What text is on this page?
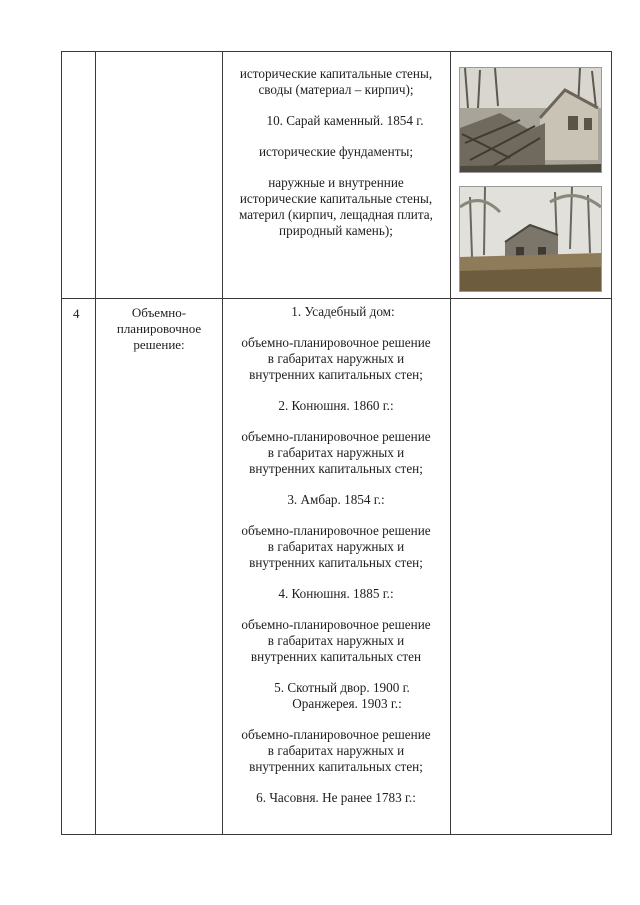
исторические капитальные стены,
своды (материал – кирпич);
10. Сарай каменный. 1854 г.
исторические фундаменты;
наружные и внутренние
исторические капитальные стены,
материл (кирпич, лещадная плита,
природный камень);
4	Объемно-
планировочное
решение:
1. Усадебный дом:
объемно-планировочное решение
в габаритах наружных и
внутренних капитальных стен;
2. Конюшня. 1860 г.:
объемно-планировочное решение
в габаритах наружных и
внутренних капитальных стен;
3. Амбар. 1854 г.:
объемно-планировочное решение
в габаритах наружных и
внутренних капитальных стен;
4. Конюшня. 1885 г.:
объемно-планировочное решение
в габаритах наружных и
внутренних капитальных стен
5. Скотный двор. 1900 г.
Оранжерея. 1903 г.:
объемно-планировочное решение
в габаритах наружных и
внутренних капитальных стен;
6. Часовня. Не ранее 1783 г.:
